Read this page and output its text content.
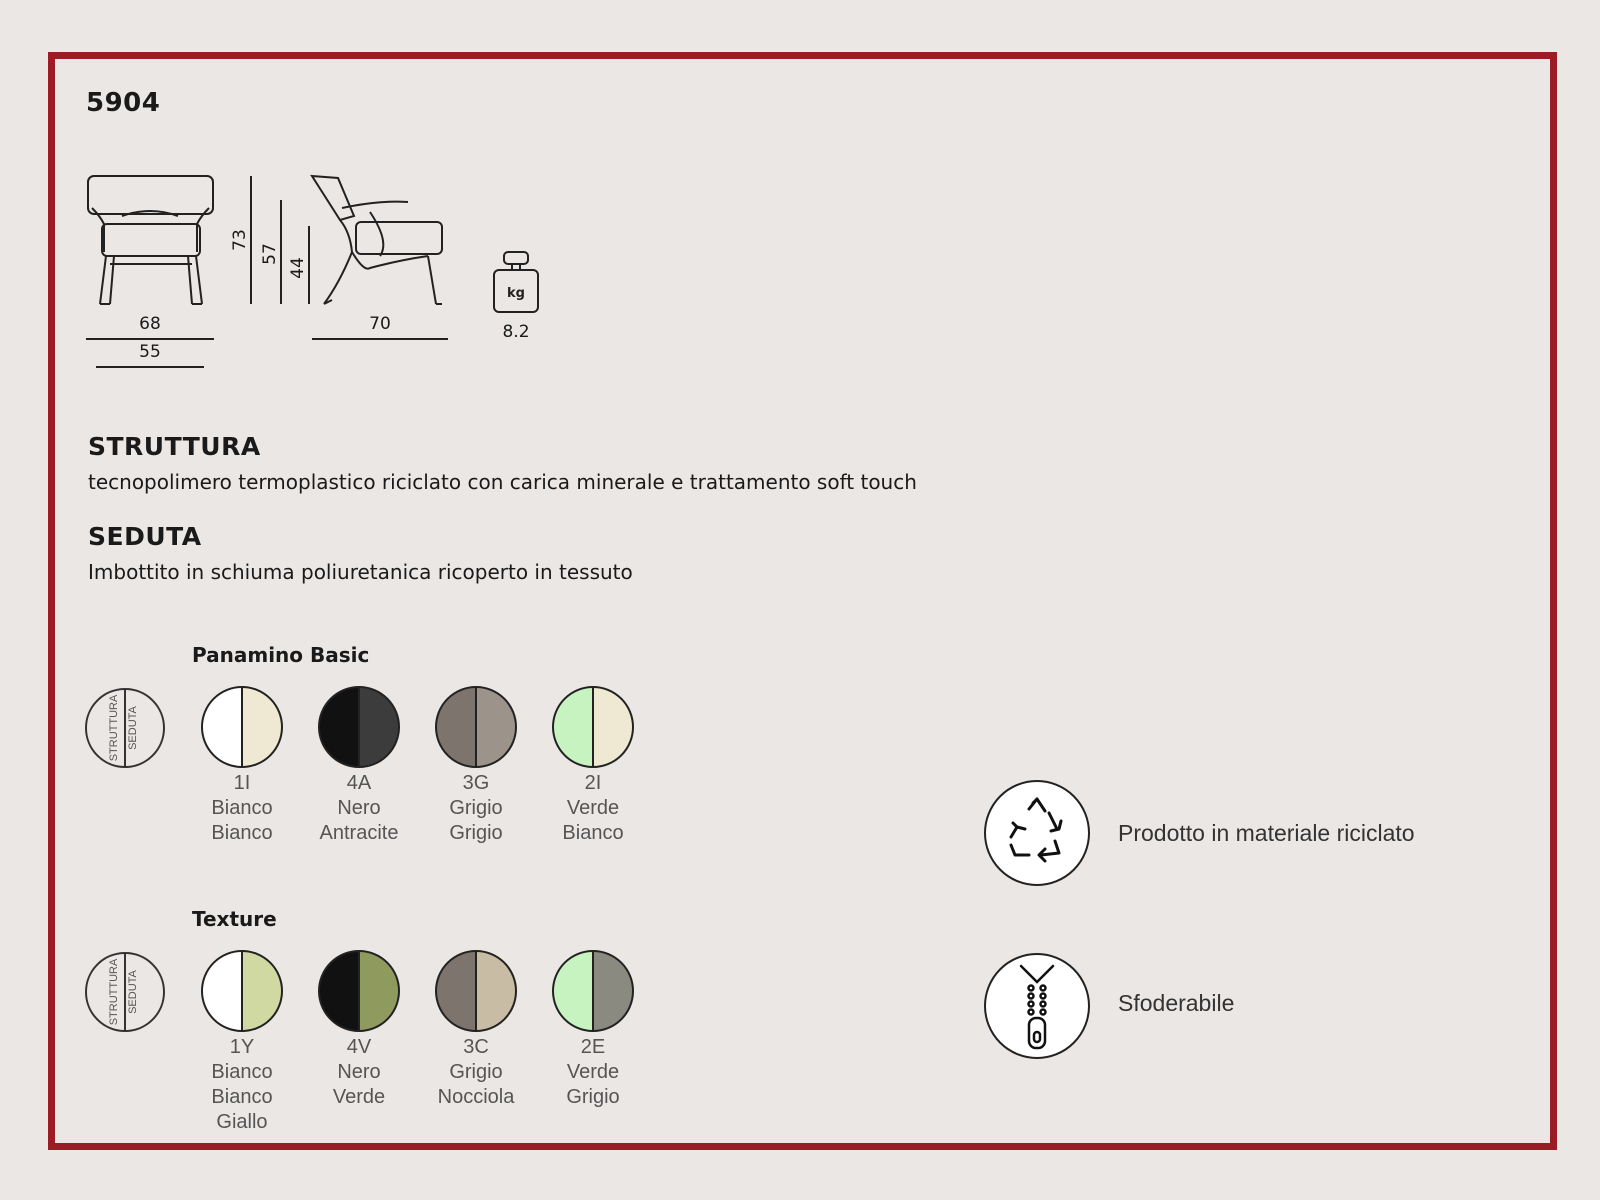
5904
68
55
73
57
44
70
kg
8.2
STRUTTURA
tecnopolimero termoplastico riciclato con carica minerale e trattamento soft touch
SEDUTA
Imbottito in schiuma poliuretanica ricoperto in tessuto
Panamino Basic
STRUTTURA SEDUTA
1I
Bianco
Bianco
4A
Nero
Antracite
3G
Grigio
Grigio
2I
Verde
Bianco
Texture
STRUTTURA SEDUTA
1Y
Bianco
Bianco
Giallo
4V
Nero
Verde
3C
Grigio
Nocciola
2E
Verde
Grigio
Prodotto in materiale riciclato
Sfoderabile
